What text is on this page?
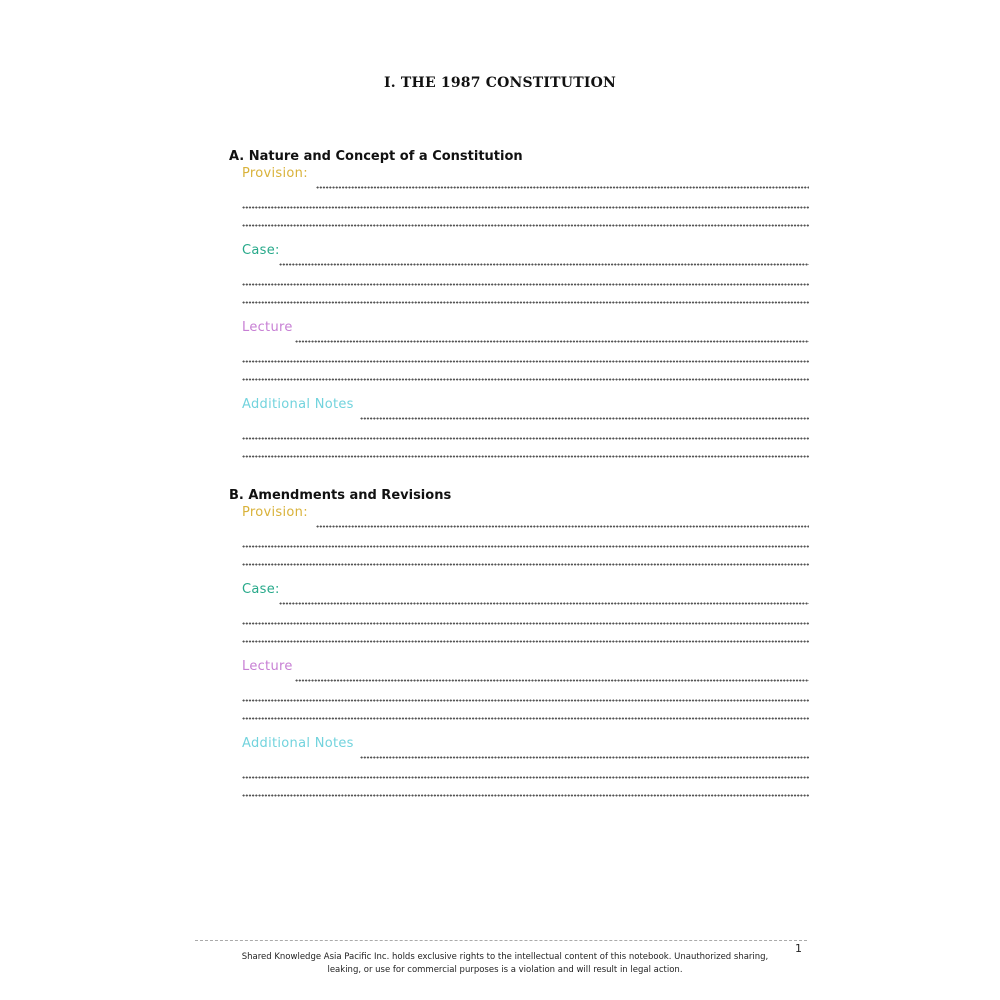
I. THE 1987 CONSTITUTION
A. Nature and Concept of a Constitution
Provision:
Case:
Lecture
Additional Notes
B. Amendments and Revisions
Provision:
Case:
Lecture
Additional Notes
1
Shared Knowledge Asia Pacific Inc. holds exclusive rights to the intellectual content of this notebook. Unauthorized sharing,
leaking, or use for commercial purposes is a violation and will result in legal action.
